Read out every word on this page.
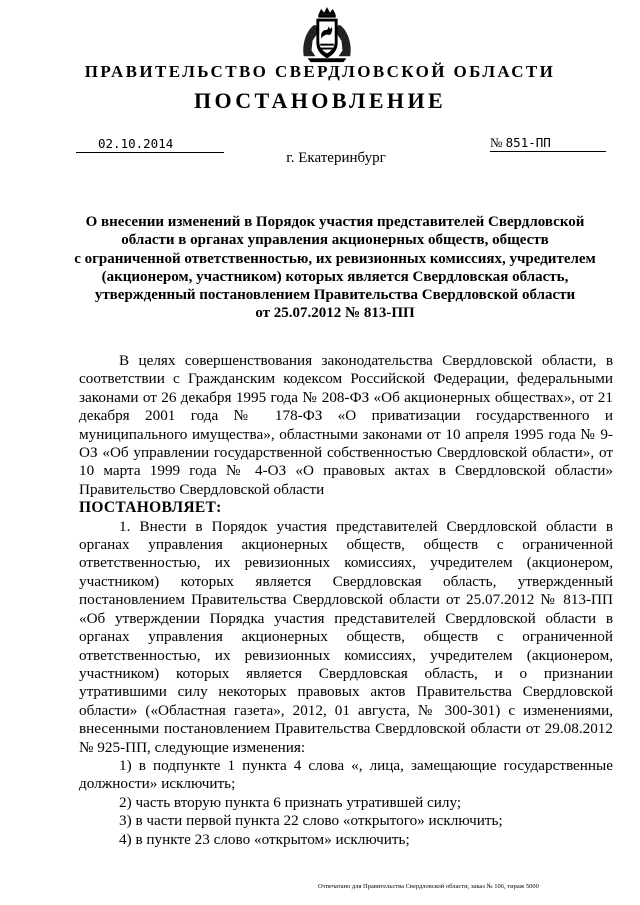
ПРАВИТЕЛЬСТВО СВЕРДЛОВСКОЙ ОБЛАСТИ
ПОСТАНОВЛЕНИЕ
02.10.2014	№ 851-ПП
г. Екатеринбург
О внесении изменений в Порядок участия представителей Свердловской
области в органах управления акционерных обществ, обществ
с ограниченной ответственностью, их ревизионных комиссиях, учредителем
(акционером, участником) которых является Свердловская область,
утвержденный постановлением Правительства Свердловской области
от 25.07.2012 № 813-ПП

В целях совершенствования законодательства Свердловской области, в соответствии с Гражданским кодексом Российской Федерации, федеральными законами от 26 декабря 1995 года № 208-ФЗ «Об акционерных обществах», от 21 декабря 2001 года № 178-ФЗ «О приватизации государственного и муниципального имущества», областными законами от 10 апреля 1995 года № 9-ОЗ «Об управлении государственной собственностью Свердловской области», от 10 марта 1999 года № 4-ОЗ «О правовых актах в Свердловской области» Правительство Свердловской области

ПОСТАНОВЛЯЕТ:

1. Внести в Порядок участия представителей Свердловской области в органах управления акционерных обществ, обществ с ограниченной ответственностью, их ревизионных комиссиях, учредителем (акционером, участником) которых является Свердловская область, утвержденный постановлением Правительства Свердловской области от 25.07.2012 № 813-ПП «Об утверждении Порядка участия представителей Свердловской области в органах управления акционерных обществ, обществ с ограниченной ответственностью, их ревизионных комиссиях, учредителем (акционером, участником) которых является Свердловская область, и о признании утратившими силу некоторых правовых актов Правительства Свердловской области» («Областная газета», 2012, 01 августа, № 300-301) с изменениями, внесенными постановлением Правительства Свердловской области от 29.08.2012 № 925-ПП, следующие изменения:

1) в подпункте 1 пункта 4 слова «, лица, замещающие государственные должности» исключить;

2) часть вторую пункта 6 признать утратившей силу;

3) в части первой пункта 22 слово «открытого» исключить;

4) в пункте 23 слово «открытом» исключить;

Отпечатано для Правительства Свердловской области, заказ № 106, тираж 5000
